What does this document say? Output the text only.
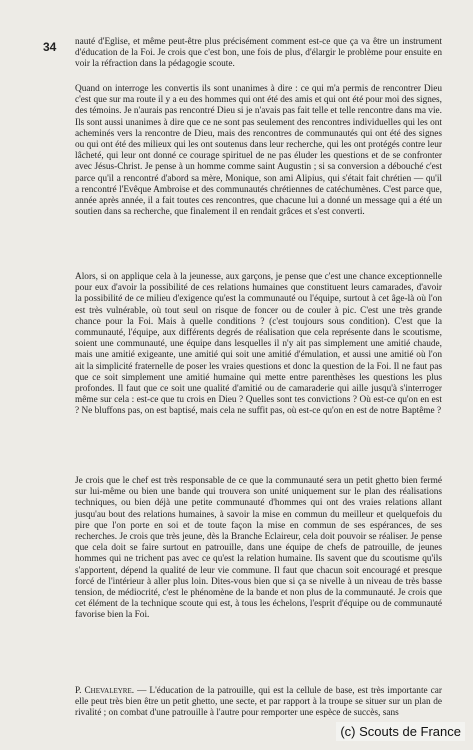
34 nauté d'Eglise, et même peut-être plus précisément comment est-ce que ça va être un instrument d'éducation de la Foi. Je crois que c'est bon, une fois de plus, d'élargir le problème pour ensuite en voir la réfraction dans la pédagogie scoute.

Quand on interroge les convertis ils sont unanimes à dire : ce qui m'a permis de rencontrer Dieu c'est que sur ma route il y a eu des hommes qui ont été des amis et qui ont été pour moi des signes, des témoins. Je n'aurais pas rencontré Dieu si je n'avais pas fait telle et telle rencontre dans ma vie. Ils sont aussi unanimes à dire que ce ne sont pas seulement des rencontres individuelles qui les ont acheminés vers la rencontre de Dieu, mais des rencontres de communautés qui ont été des signes ou qui ont été des milieux qui les ont soutenus dans leur recherche, qui les ont protégés contre leur lâcheté, qui leur ont donné ce courage spirituel de ne pas éluder les questions et de se confronter avec Jésus-Christ. Je pense à un homme comme saint Augustin ; si sa conversion a débouché c'est parce qu'il a rencontré d'abord sa mère, Monique, son ami Alipius, qui s'était fait chrétien — qu'il a rencontré l'Evêque Ambroise et des communautés chrétiennes de catéchumènes. C'est parce que, année après année, il a fait toutes ces rencontres, que chacune lui a donné un message qui a été un soutien dans sa recherche, que finalement il en rendait grâces et s'est converti.

Alors, si on applique cela à la jeunesse, aux garçons, je pense que c'est une chance exceptionnelle pour eux d'avoir la possibilité de ces relations humaines que constituent leurs camarades, d'avoir la possibilité de ce milieu d'exigence qu'est la communauté ou l'équipe, surtout à cet âge-là où l'on est très vulnérable, où tout seul on risque de foncer ou de couler à pic. C'est une très grande chance pour la Foi. Mais à quelle conditions ? (c'est toujours sous condition). C'est que la communauté, l'équipe, aux différents degrés de réalisation que cela représente dans le scoutisme, soient une communauté, une équipe dans lesquelles il n'y ait pas simplement une amitié chaude, mais une amitié exigeante, une amitié qui soit une amitié d'émulation, et aussi une amitié où l'on ait la simplicité fraternelle de poser les vraies questions et donc la question de la Foi. Il ne faut pas que ce soit simplement une amitié humaine qui mette entre parenthèses les questions les plus profondes. Il faut que ce soit une qualité d'amitié ou de camaraderie qui aille jusqu'à s'interroger même sur cela : est-ce que tu crois en Dieu ? Quelles sont tes convictions ? Où est-ce qu'on en est ? Ne bluffons pas, on est baptisé, mais cela ne suffit pas, où est-ce qu'on en est de notre Baptême ?

Je crois que le chef est très responsable de ce que la communauté sera un petit ghetto bien fermé sur lui-même ou bien une bande qui trouvera son unité uniquement sur le plan des réalisations techniques, ou bien déjà une petite communauté d'hommes qui ont des vraies relations allant jusqu'au bout des relations humaines, à savoir la mise en commun du meilleur et quelquefois du pire que l'on porte en soi et de toute façon la mise en commun de ses espérances, de ses recherches. Je crois que très jeune, dès la Branche Eclaireur, cela doit pouvoir se réaliser. Je pense que cela doit se faire surtout en patrouille, dans une équipe de chefs de patrouille, de jeunes hommes qui ne trichent pas avec ce qu'est la relation humaine. Ils savent que du scoutisme qu'ils s'apportent, dépend la qualité de leur vie commune. Il faut que chacun soit encouragé et presque forcé de l'intérieur à aller plus loin. Dites-vous bien que si ça se nivelle à un niveau de très basse tension, de médiocrité, c'est le phénomène de la bande et non plus de la communauté. Je crois que cet élément de la technique scoute qui est, à tous les échelons, l'esprit d'équipe ou de communauté favorise bien la Foi.

P. Chevaleyre. — L'éducation de la patrouille, qui est la cellule de base, est très importante car elle peut très bien être un petit ghetto, une secte, et par rapport à la troupe se situer sur un plan de rivalité ; on combat d'une patrouille à l'autre pour remporter une espèce de succès, sans

(c) Scouts de France
